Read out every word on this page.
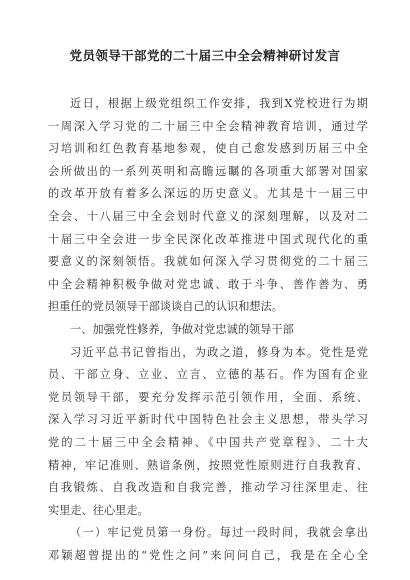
党员领导干部党的二十届三中全会精神研讨发言
近日，根据上级党组织工作安排，我到X党校进行为期
一周深入学习党的二十届三中全会精神教育培训，通过学
习培训和红色教育基地参观，使自己愈发感到历届三中全
会所做出的一系列英明和高瞻远瞩的各项重大部署对国家
的改革开放有着多么深远的历史意义。尤其是十一届三中
全会、十八届三中全会划时代意义的深刻理解，以及对二
十届三中全会进一步全民深化改革推进中国式现代化的重
要意义的深刻领悟。我就如何深入学习贯彻党的二十届三
中全会精神积极争做对党忠诚、敢于斗争、善作善为、勇
担重任的党员领导干部谈谈自己的认识和想法。
一、加强党性修养，争做对党忠诚的领导干部
习近平总书记曾指出，为政之道，修身为本。党性是党
员、干部立身、立业、立言、立德的基石。作为国有企业
党员领导干部，要充分发挥示范引领作用，全面、系统、
深入学习习近平新时代中国特色社会主义思想，带头学习
党的二十届三中全会精神、《中国共产党章程》、二十大
精神，牢记准则、熟谙条例，按照党性原则进行自我教育、
自我锻炼、自我改造和自我完善，推动学习往深里走、往
实里走、往心里走。
（一）牢记党员第一身份。每过一段时间，我就会拿出
邓颖超曾提出的“党性之问”来问问自己，我是在全心全
